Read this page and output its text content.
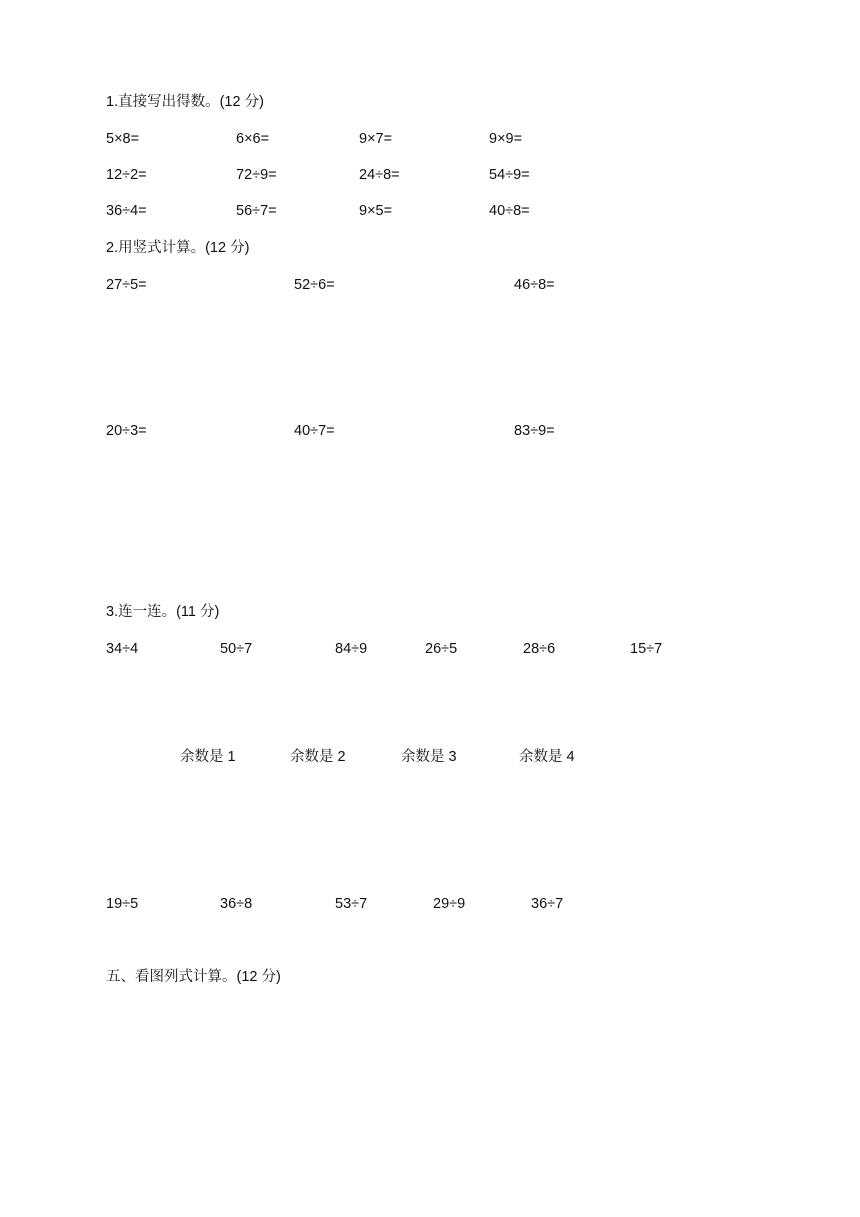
1.直接写出得数。(12 分)
5×8=	6×6=	9×7=	9×9=
12÷2=	72÷9=	24÷8=	54÷9=
36÷4=	56÷7=	9×5=	40÷8=
2.用竖式计算。(12 分)
27÷5=	52÷6=	46÷8=
20÷3=	40÷7=	83÷9=
3.连一连。(11 分)
34÷4	50÷7	84÷9	26÷5	28÷6	15÷7
余数是 1	余数是 2	余数是 3	余数是 4
19÷5	36÷8	53÷7	29÷9	36÷7
五、看图列式计算。(12 分)
